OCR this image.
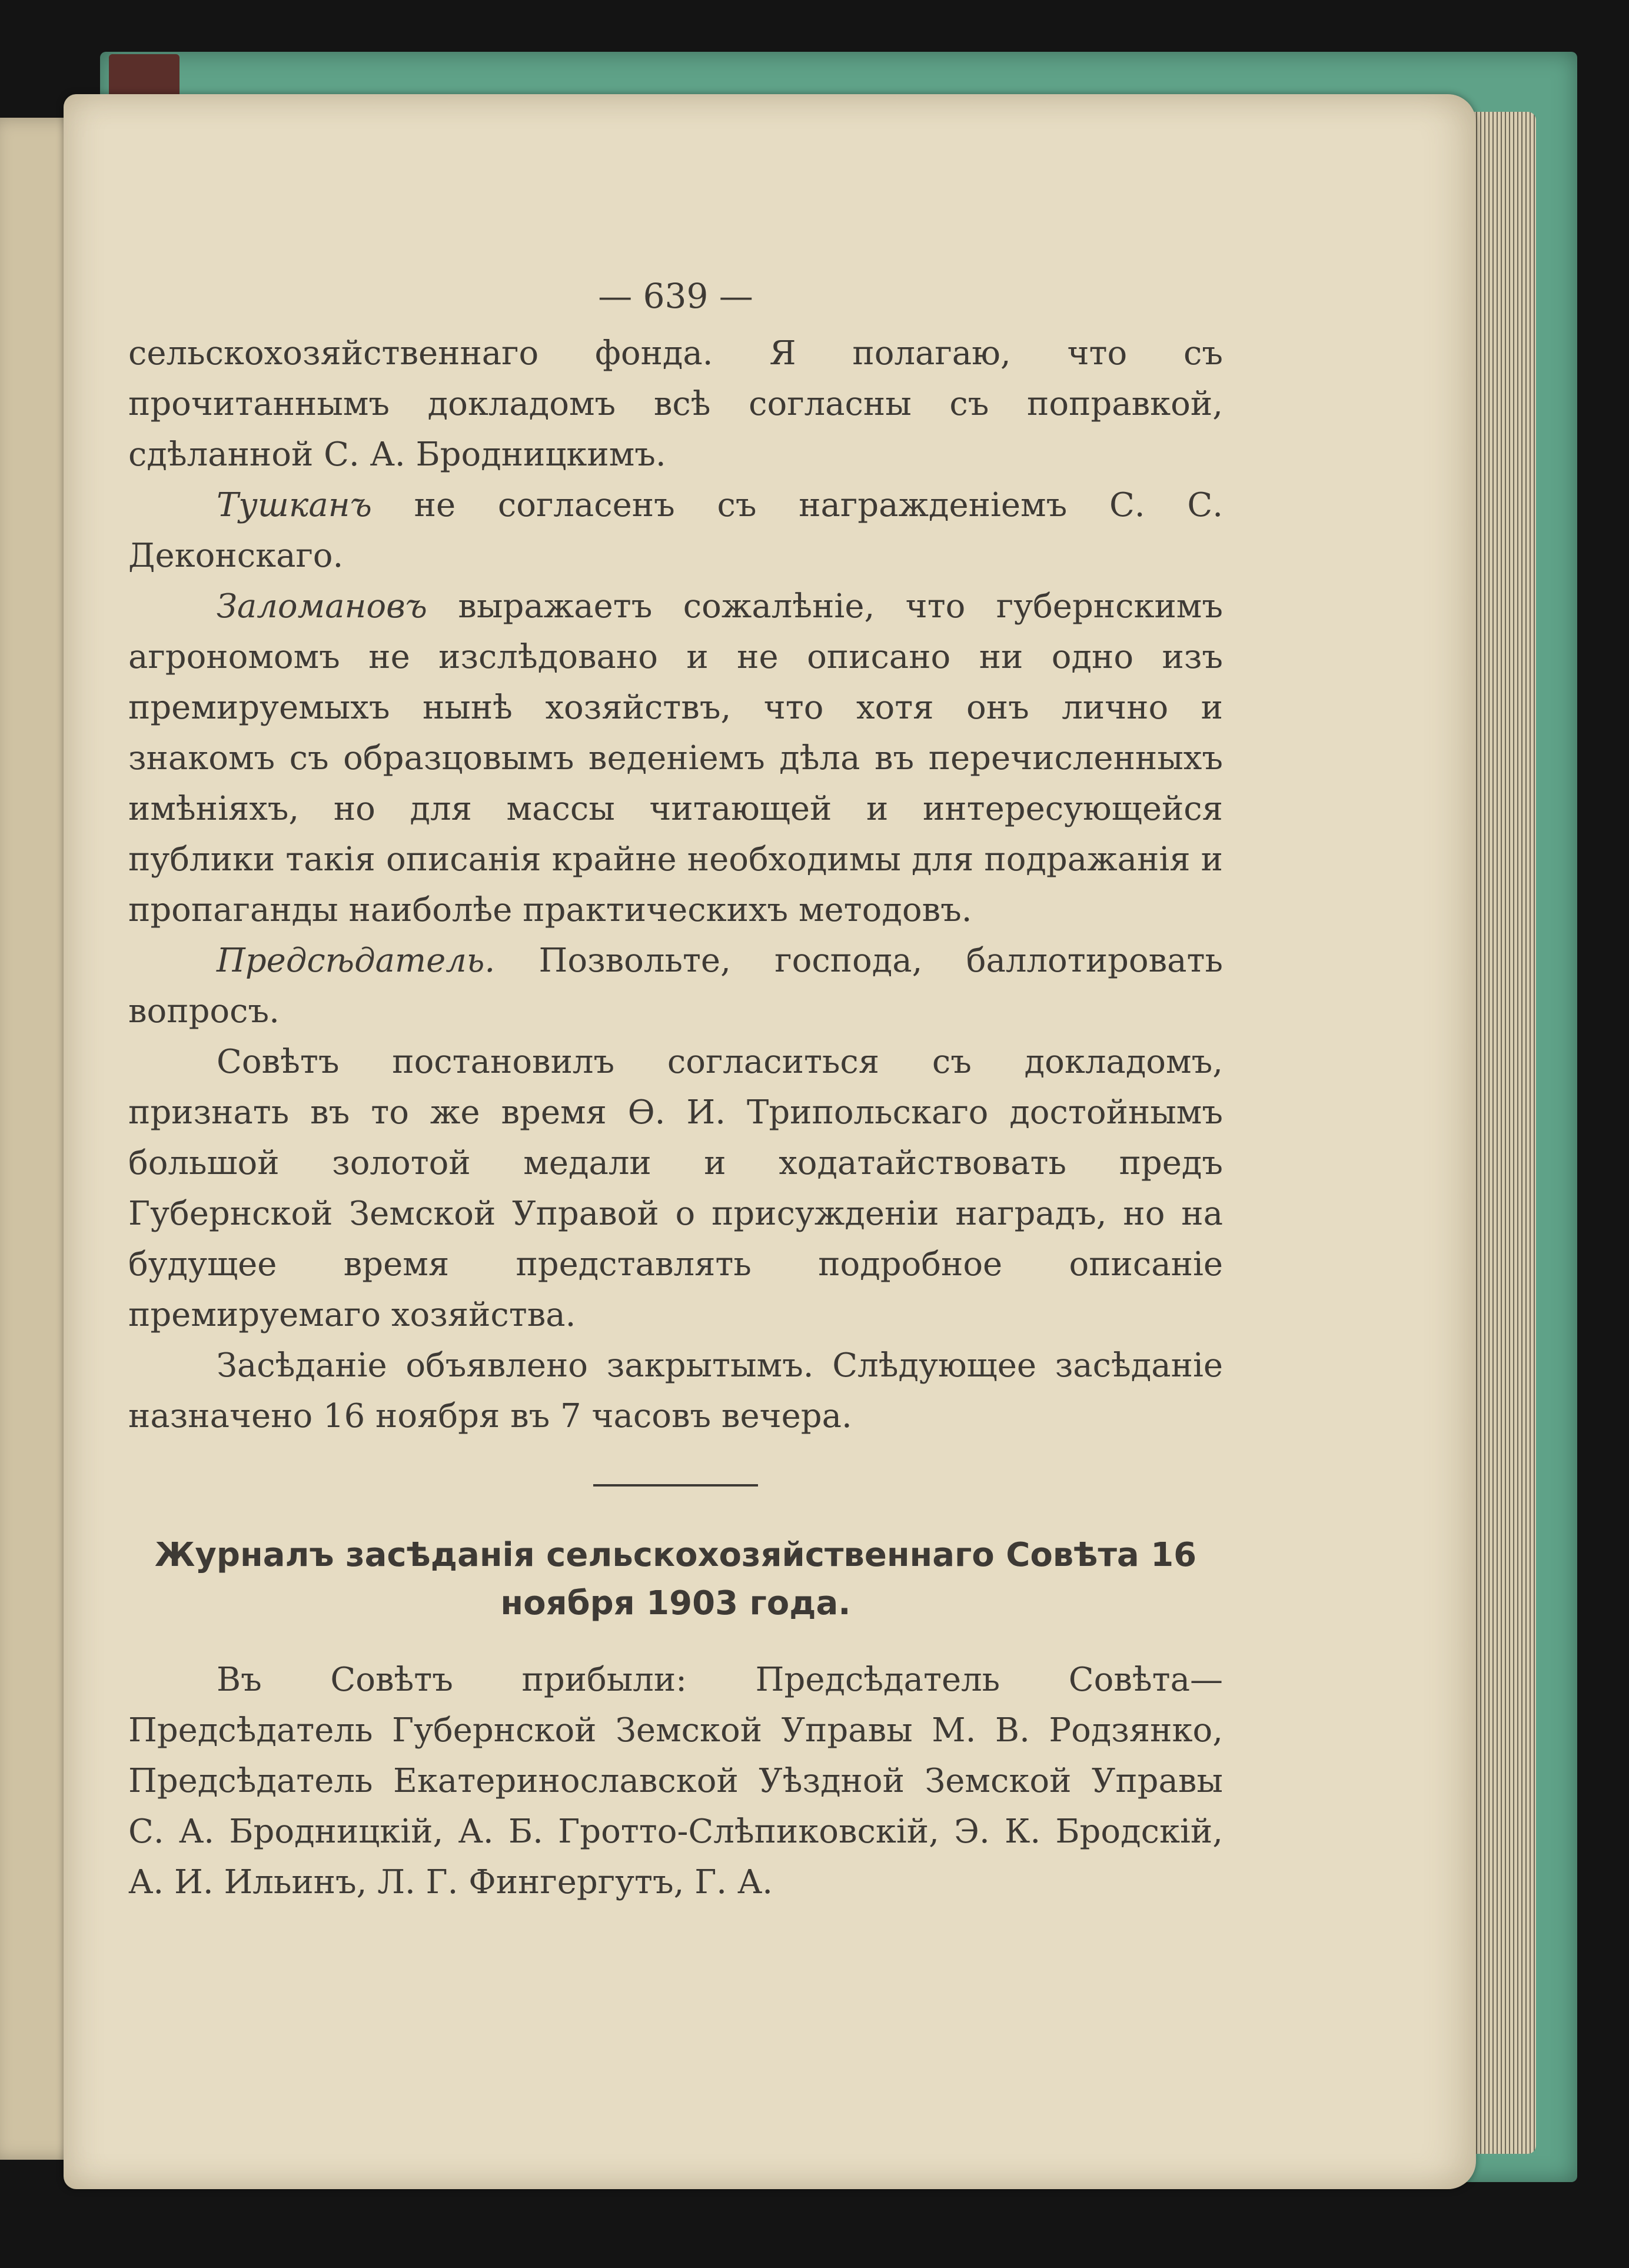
— 639 —

сельскохозяйственнаго фонда. Я полагаю, что съ прочитаннымъ докладомъ всѣ согласны съ поправкой, сдѣланной С. А. Бродницкимъ.

Тушканъ не согласенъ съ награжденіемъ С. С. Деконскаго.

Заломановъ выражаетъ сожалѣніе, что губернскимъ агрономомъ не изслѣдовано и не описано ни одно изъ премируемыхъ нынѣ хозяйствъ, что хотя онъ лично и знакомъ съ образцовымъ веденіемъ дѣла въ перечисленныхъ имѣніяхъ, но для массы читающей и интересующейся публики такія описанія крайне необходимы для подражанія и пропаганды наиболѣе практическихъ методовъ.

Предсѣдатель. Позвольте, господа, баллотировать вопросъ.

Совѣтъ постановилъ согласиться съ докладомъ, признать въ то же время Ѳ. И. Трипольскаго достойнымъ большой золотой медали и ходатайствовать предъ Губернской Земской Управой о присужденіи наградъ, но на будущее время представлять подробное описаніе премируемаго хозяйства.

Засѣданіе объявлено закрытымъ. Слѣдующее засѣданіе назначено 16 ноября въ 7 часовъ вечера.

Журналъ засѣданія сельскохозяйственнаго Совѣта 16 ноября 1903 года.

Въ Совѣтъ прибыли: Предсѣдатель Совѣта—Предсѣдатель Губернской Земской Управы М. В. Родзянко, Предсѣдатель Екатеринославской Уѣздной Земской Управы С. А. Бродницкій, А. Б. Гротто-Слѣпиковскій, Э. К. Бродскій, А. И. Ильинъ, Л. Г. Фингергутъ, Г. А.
